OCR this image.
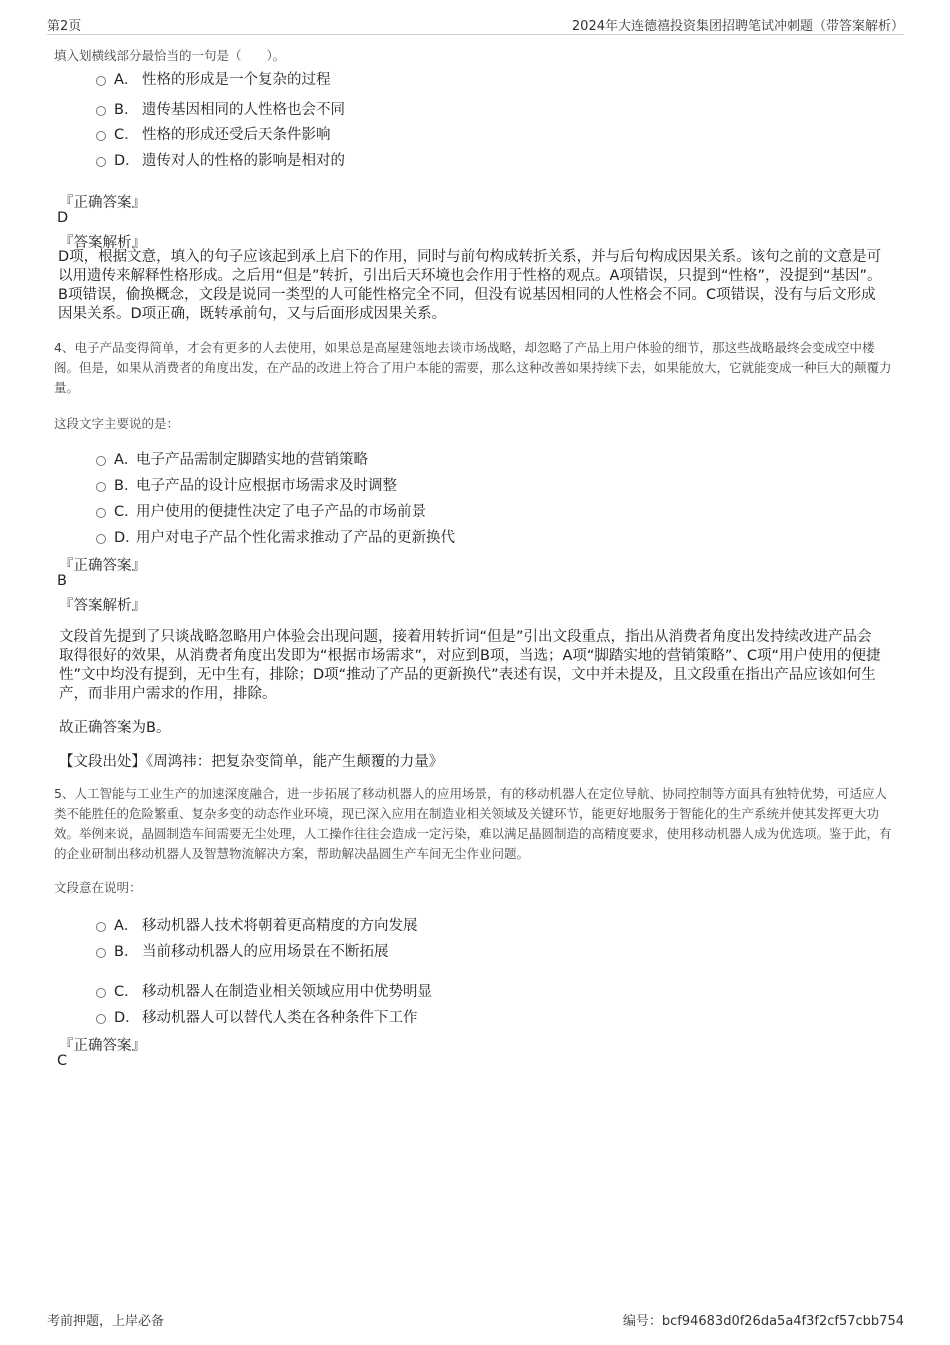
第2页	2024年大连德禧投资集团招聘笔试冲刺题（带答案解析）
填入划横线部分最恰当的一句是（　　）。
A． 性格的形成是一个复杂的过程
B． 遗传基因相同的人性格也会不同
C． 性格的形成还受后天条件影响
D． 遗传对人的性格的影响是相对的
『正确答案』
D
『答案解析』
D项，根据文意，填入的句子应该起到承上启下的作用，同时与前句构成转折关系，并与后句构成因果关系。该句之前的文意是可以用遗传来解释性格形成。之后用“但是”转折，引出后天环境也会作用于性格的观点。A项错误，只提到“性格”，没提到“基因”。B项错误，偷换概念，文段是说同一类型的人可能性格完全不同，但没有说基因相同的人性格会不同。C项错误，没有与后文形成因果关系。D项正确，既转承前句，又与后面形成因果关系。
4、电子产品变得简单，才会有更多的人去使用，如果总是高屋建瓴地去谈市场战略，却忽略了产品上用户体验的细节，那这些战略最终会变成空中楼阁。但是，如果从消费者的角度出发，在产品的改进上符合了用户本能的需要，那么这种改善如果持续下去，如果能放大，它就能变成一种巨大的颠覆力量。
这段文字主要说的是：
A．电子产品需制定脚踏实地的营销策略
B．电子产品的设计应根据市场需求及时调整
C．用户使用的便捷性决定了电子产品的市场前景
D．用户对电子产品个性化需求推动了产品的更新换代
『正确答案』
B
『答案解析』
文段首先提到了只谈战略忽略用户体验会出现问题，接着用转折词“但是”引出文段重点，指出从消费者角度出发持续改进产品会取得很好的效果，从消费者角度出发即为“根据市场需求”，对应到B项，当选；A项“脚踏实地的营销策略”、C项“用户使用的便捷性”文中均没有提到，无中生有，排除；D项“推动了产品的更新换代”表述有误，文中并未提及，且文段重在指出产品应该如何生产，而非用户需求的作用，排除。
故正确答案为B。
【文段出处】《周鸿祎：把复杂变简单，能产生颠覆的力量》
5、人工智能与工业生产的加速深度融合，进一步拓展了移动机器人的应用场景，有的移动机器人在定位导航、协同控制等方面具有独特优势，可适应人类不能胜任的危险繁重、复杂多变的动态作业环境，现已深入应用在制造业相关领域及关键环节，能更好地服务于智能化的生产系统并使其发挥更大功效。举例来说，晶圆制造车间需要无尘处理，人工操作往往会造成一定污染，难以满足晶圆制造的高精度要求，使用移动机器人成为优选项。鉴于此，有的企业研制出移动机器人及智慧物流解决方案，帮助解决晶圆生产车间无尘作业问题。
文段意在说明：
A． 移动机器人技术将朝着更高精度的方向发展
B． 当前移动机器人的应用场景在不断拓展
C． 移动机器人在制造业相关领域应用中优势明显
D． 移动机器人可以替代人类在各种条件下工作
『正确答案』
C
考前押题，上岸必备	编号：bcf94683d0f26da5a4f3f2cf57cbb754
